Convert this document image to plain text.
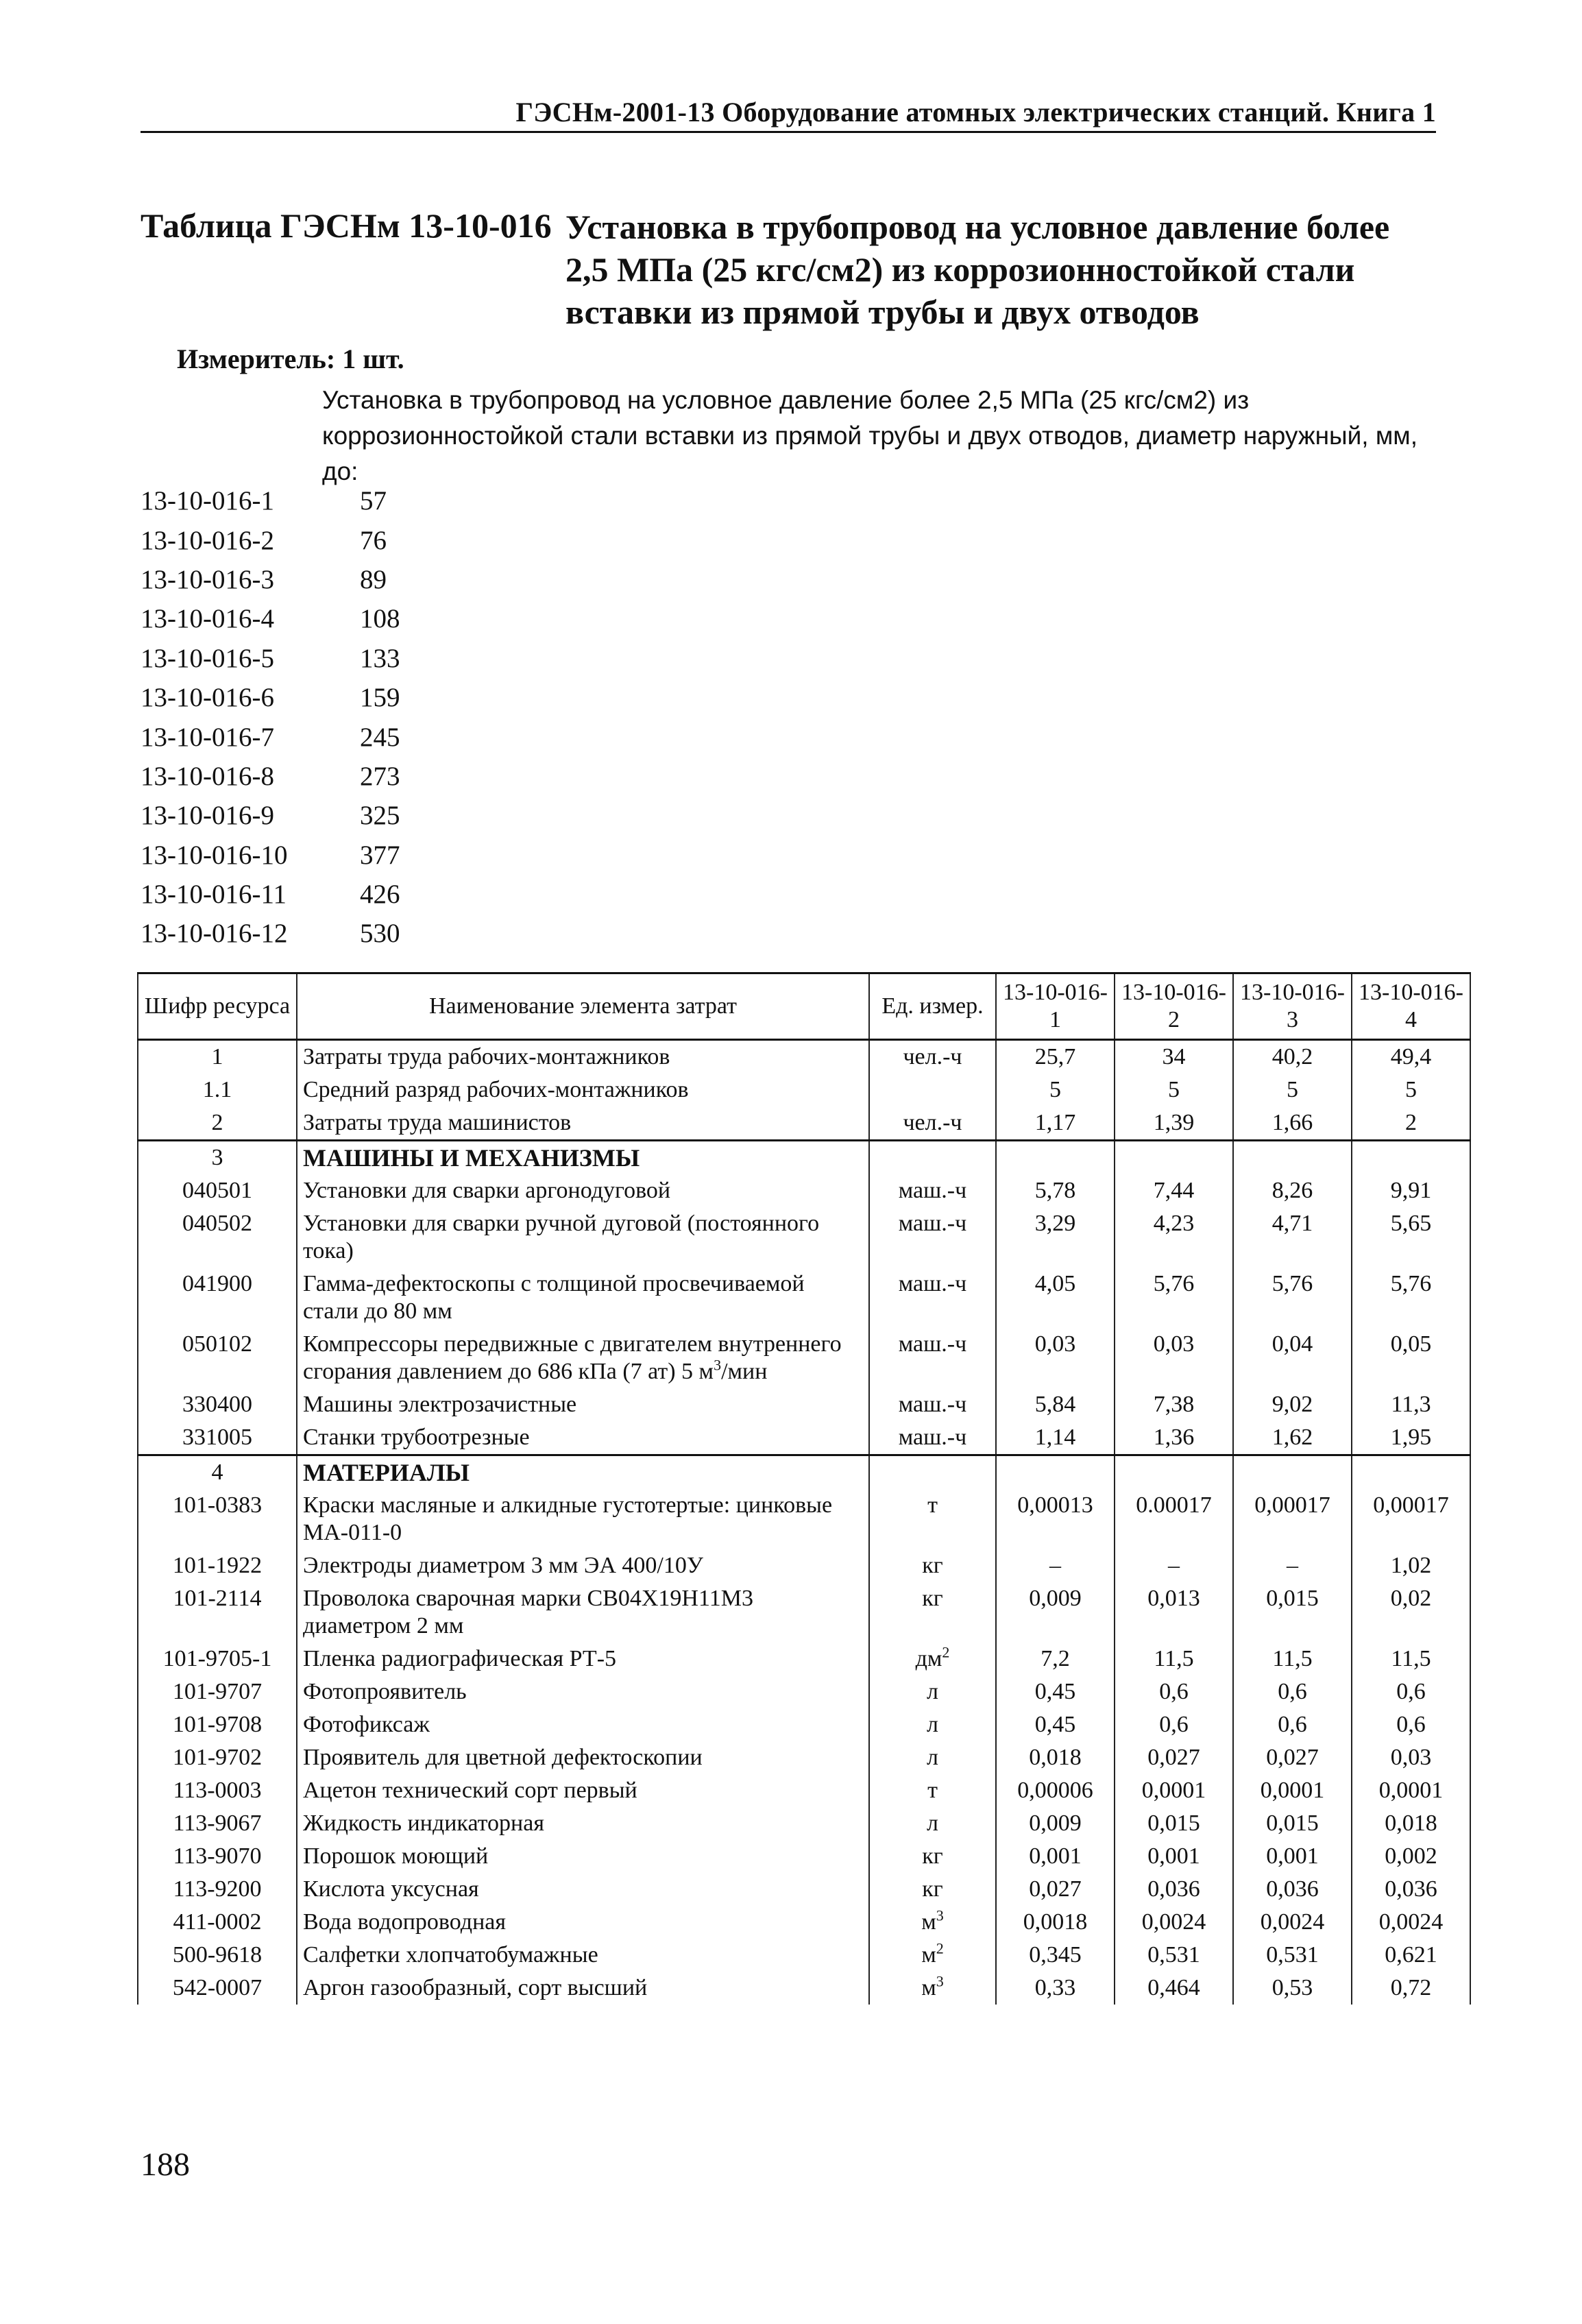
ГЭСНм-2001-13 Оборудование атомных электрических станций. Книга 1
Таблица ГЭСНм 13-10-016 Установка в трубопровод на условное давление более 2,5 МПа (25 кгс/см2) из коррозионностойкой стали вставки из прямой трубы и двух отводов
Измеритель: 1 шт.
Установка в трубопровод на условное давление более 2,5 МПа (25 кгс/см2) из коррозионностойкой стали вставки из прямой трубы и двух отводов, диаметр наружный, мм, до:
13-10-016-1	57
13-10-016-2	76
13-10-016-3	89
13-10-016-4	108
13-10-016-5	133
13-10-016-6	159
13-10-016-7	245
13-10-016-8	273
13-10-016-9	325
13-10-016-10	377
13-10-016-11	426
13-10-016-12	530
Шифр ресурса	Наименование элемента затрат	Ед. измер.	13-10-016-1	13-10-016-2	13-10-016-3	13-10-016-4
1	Затраты труда рабочих-монтажников	чел.-ч	25,7	34	40,2	49,4
1.1	Средний разряд рабочих-монтажников		5	5	5	5
2	Затраты труда машинистов	чел.-ч	1,17	1,39	1,66	2
3	МАШИНЫ И МЕХАНИЗМЫ					
040501	Установки для сварки аргонодуговой	маш.-ч	5,78	7,44	8,26	9,91
040502	Установки для сварки ручной дуговой (постоянного тока)	маш.-ч	3,29	4,23	4,71	5,65
041900	Гамма-дефектоскопы с толщиной просвечиваемой стали до 80 мм	маш.-ч	4,05	5,76	5,76	5,76
050102	Компрессоры передвижные с двигателем внутреннего сгорания давлением до 686 кПа (7 ат) 5 $м^3$/мин	маш.-ч	0,03	0,03	0,04	0,05
330400	Машины электрозачистные	маш.-ч	5,84	7,38	9,02	11,3
331005	Станки трубоотрезные	маш.-ч	1,14	1,36	1,62	1,95
4	МАТЕРИАЛЫ					
101-0383	Краски масляные и алкидные густотертые: цинковые МА-011-0	т	0,00013	0.00017	0,00017	0,00017
101-1922	Электроды диаметром 3 мм ЭА 400/10У	кг	–	–	–	1,02
101-2114	Проволока сварочная марки СВ04Х19Н11М3 диаметром 2 мм	кг	0,009	0,013	0,015	0,02
101-9705-1	Пленка радиографическая РТ-5	$дм^2$	7,2	11,5	11,5	11,5
101-9707	Фотопроявитель	л	0,45	0,6	0,6	0,6
101-9708	Фотофиксаж	л	0,45	0,6	0,6	0,6
101-9702	Проявитель для цветной дефектоскопии	л	0,018	0,027	0,027	0,03
113-0003	Ацетон технический сорт первый	т	0,00006	0,0001	0,0001	0,0001
113-9067	Жидкость индикаторная	л	0,009	0,015	0,015	0,018
113-9070	Порошок моющий	кг	0,001	0,001	0,001	0,002
113-9200	Кислота уксусная	кг	0,027	0,036	0,036	0,036
411-0002	Вода водопроводная	$м^3$	0,0018	0,0024	0,0024	0,0024
500-9618	Салфетки хлопчатобумажные	$м^2$	0,345	0,531	0,531	0,621
542-0007	Аргон газообразный, сорт высший	$м^3$	0,33	0,464	0,53	0,72
188
